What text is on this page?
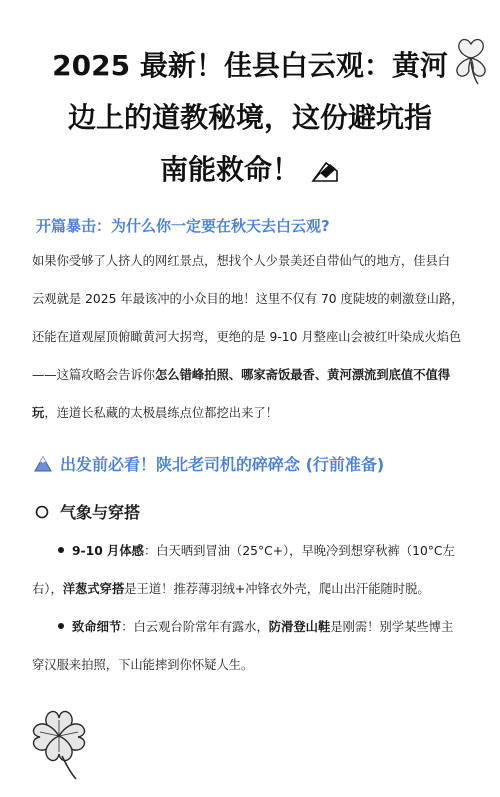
2025 最新！佳县白云观：黄河
边上的道教秘境，这份避坑指
南能救命！
开篇暴击：为什么你一定要在秋天去白云观?
如果你受够了人挤人的网红景点，想找个人少景美还自带仙气的地方，佳县白
云观就是 2025 年最该冲的小众目的地！这里不仅有 70 度陡坡的刺激登山路，
还能在道观屋顶俯瞰黄河大拐弯，更绝的是 9-10 月整座山会被红叶染成火焰色
——这篇攻略会告诉你怎么错峰拍照、哪家斋饭最香、黄河漂流到底值不值得
玩，连道长私藏的太极晨练点位都挖出来了！
出发前必看！陕北老司机的碎碎念 (行前准备)
气象与穿搭
9-10 月体感：白天晒到冒油（25°C+），早晚冷到想穿秋裤（10°C左
右），洋葱式穿搭是王道！推荐薄羽绒+冲锋衣外壳，爬山出汗能随时脱。
致命细节：白云观台阶常年有露水，防滑登山鞋是刚需！别学某些博主
穿汉服来拍照，下山能摔到你怀疑人生。
